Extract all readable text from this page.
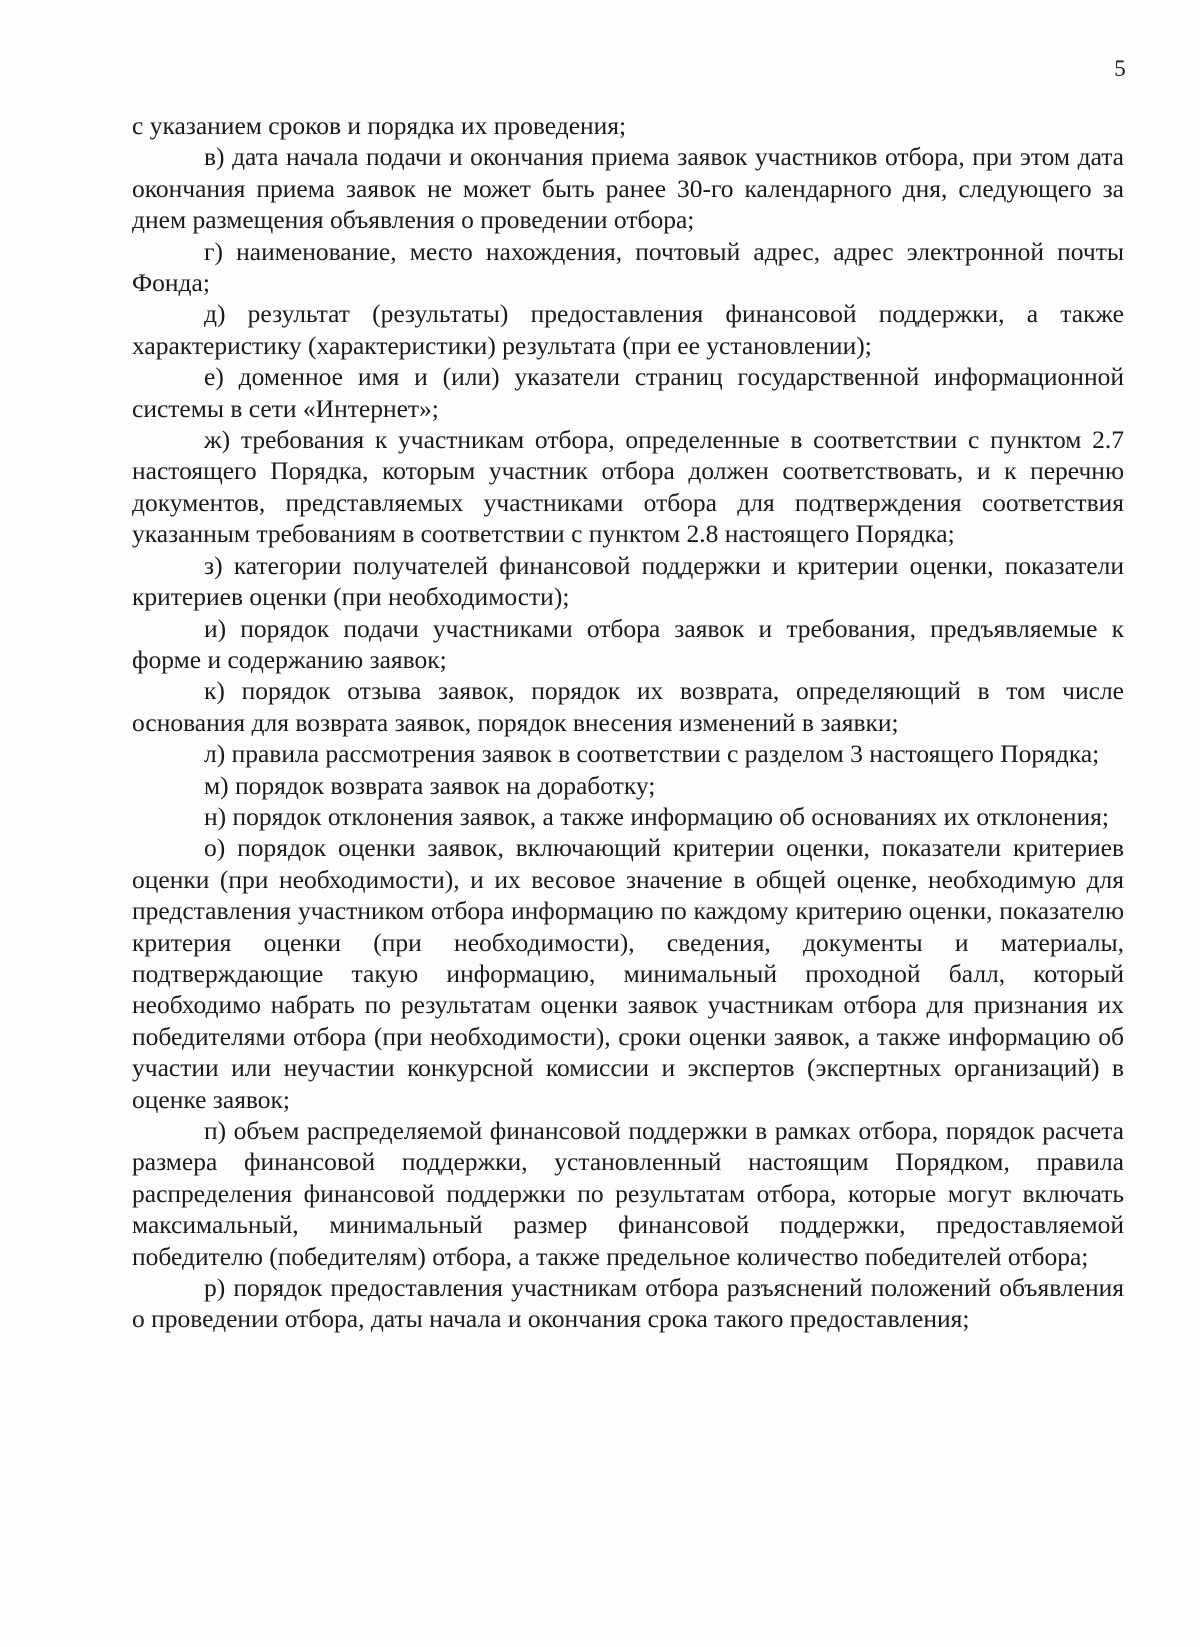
5

с указанием сроков и порядка их проведения;

в) дата начала подачи и окончания приема заявок участников отбора, при этом дата окончания приема заявок не может быть ранее 30-го календарного дня, следующего за днем размещения объявления о проведении отбора;

г) наименование, место нахождения, почтовый адрес, адрес электронной почты Фонда;

д) результат (результаты) предоставления финансовой поддержки, а также характеристику (характеристики) результата (при ее установлении);

е) доменное имя и (или) указатели страниц государственной информационной системы в сети «Интернет»;

ж) требования к участникам отбора, определенные в соответствии с пунктом 2.7 настоящего Порядка, которым участник отбора должен соответствовать, и к перечню документов, представляемых участниками отбора для подтверждения соответствия указанным требованиям в соответствии с пунктом 2.8 настоящего Порядка;

з) категории получателей финансовой поддержки и критерии оценки, показатели критериев оценки (при необходимости);

и) порядок подачи участниками отбора заявок и требования, предъявляемые к форме и содержанию заявок;

к) порядок отзыва заявок, порядок их возврата, определяющий в том числе основания для возврата заявок, порядок внесения изменений в заявки;

л) правила рассмотрения заявок в соответствии с разделом 3 настоящего Порядка;

м) порядок возврата заявок на доработку;

н) порядок отклонения заявок, а также информацию об основаниях их отклонения;

о) порядок оценки заявок, включающий критерии оценки, показатели критериев оценки (при необходимости), и их весовое значение в общей оценке, необходимую для представления участником отбора информацию по каждому критерию оценки, показателю критерия оценки (при необходимости), сведения, документы и материалы, подтверждающие такую информацию, минимальный проходной балл, который необходимо набрать по результатам оценки заявок участникам отбора для признания их победителями отбора (при необходимости), сроки оценки заявок, а также информацию об участии или неучастии конкурсной комиссии и экспертов (экспертных организаций) в оценке заявок;

п) объем распределяемой финансовой поддержки в рамках отбора, порядок расчета размера финансовой поддержки, установленный настоящим Порядком, правила распределения финансовой поддержки по результатам отбора, которые могут включать максимальный, минимальный размер финансовой поддержки, предоставляемой победителю (победителям) отбора, а также предельное количество победителей отбора;

р) порядок предоставления участникам отбора разъяснений положений объявления о проведении отбора, даты начала и окончания срока такого предоставления;
